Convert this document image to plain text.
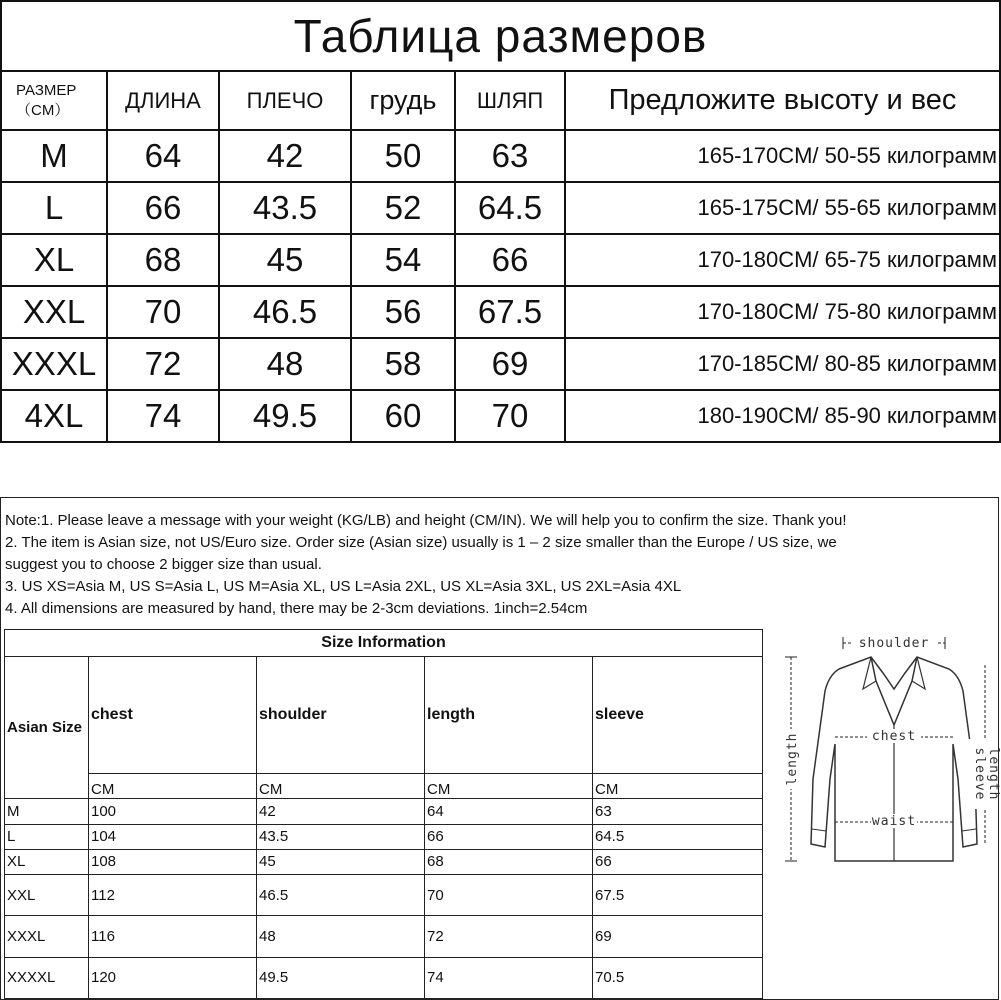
Таблица размеров					

РАЗМЕР
（CM）	ДЛИНА	ПЛЕЧО	грудь	ШЛЯП	Предложите высоту и вес
M	64	42	50	63	165-170CM/ 50-55 килограмм
L	66	43.5	52	64.5	165-175CM/ 55-65 килограмм
XL	68	45	54	66	170-180CM/ 65-75 килограмм
XXL	70	46.5	56	67.5	170-180CM/ 75-80 килограмм
XXXL	72	48	58	69	170-185CM/ 80-85 килограмм
4XL	74	49.5	60	70	180-190CM/ 85-90 килограмм
Note:1. Please leave a message with your weight (KG/LB) and height (CM/IN). We will help you to confirm the size. Thank you!
2. The item is Asian size, not US/Euro size. Order size (Asian size) usually is 1 – 2 size smaller than the Europe / US size, we
suggest you to choose 2 bigger size than usual.
3. US XS=Asia M, US S=Asia L, US M=Asia XL, US L=Asia 2XL, US XL=Asia 3XL, US 2XL=Asia 4XL
4. All dimensions are measured by hand, there may be 2-3cm deviations. 1inch=2.54cm
Size Information				
Asian Size	chest	shoulder	length	sleeve
	CM	CM	CM	CM
M	100	42	64	63
L	104	43.5	66	64.5
XL	108	45	68	66
XXL	112	46.5	70	67.5
XXXL	116	48	72	69
XXXXL	120	49.5	74	70.5
shoulder
chest
waist
length	sleeve length
